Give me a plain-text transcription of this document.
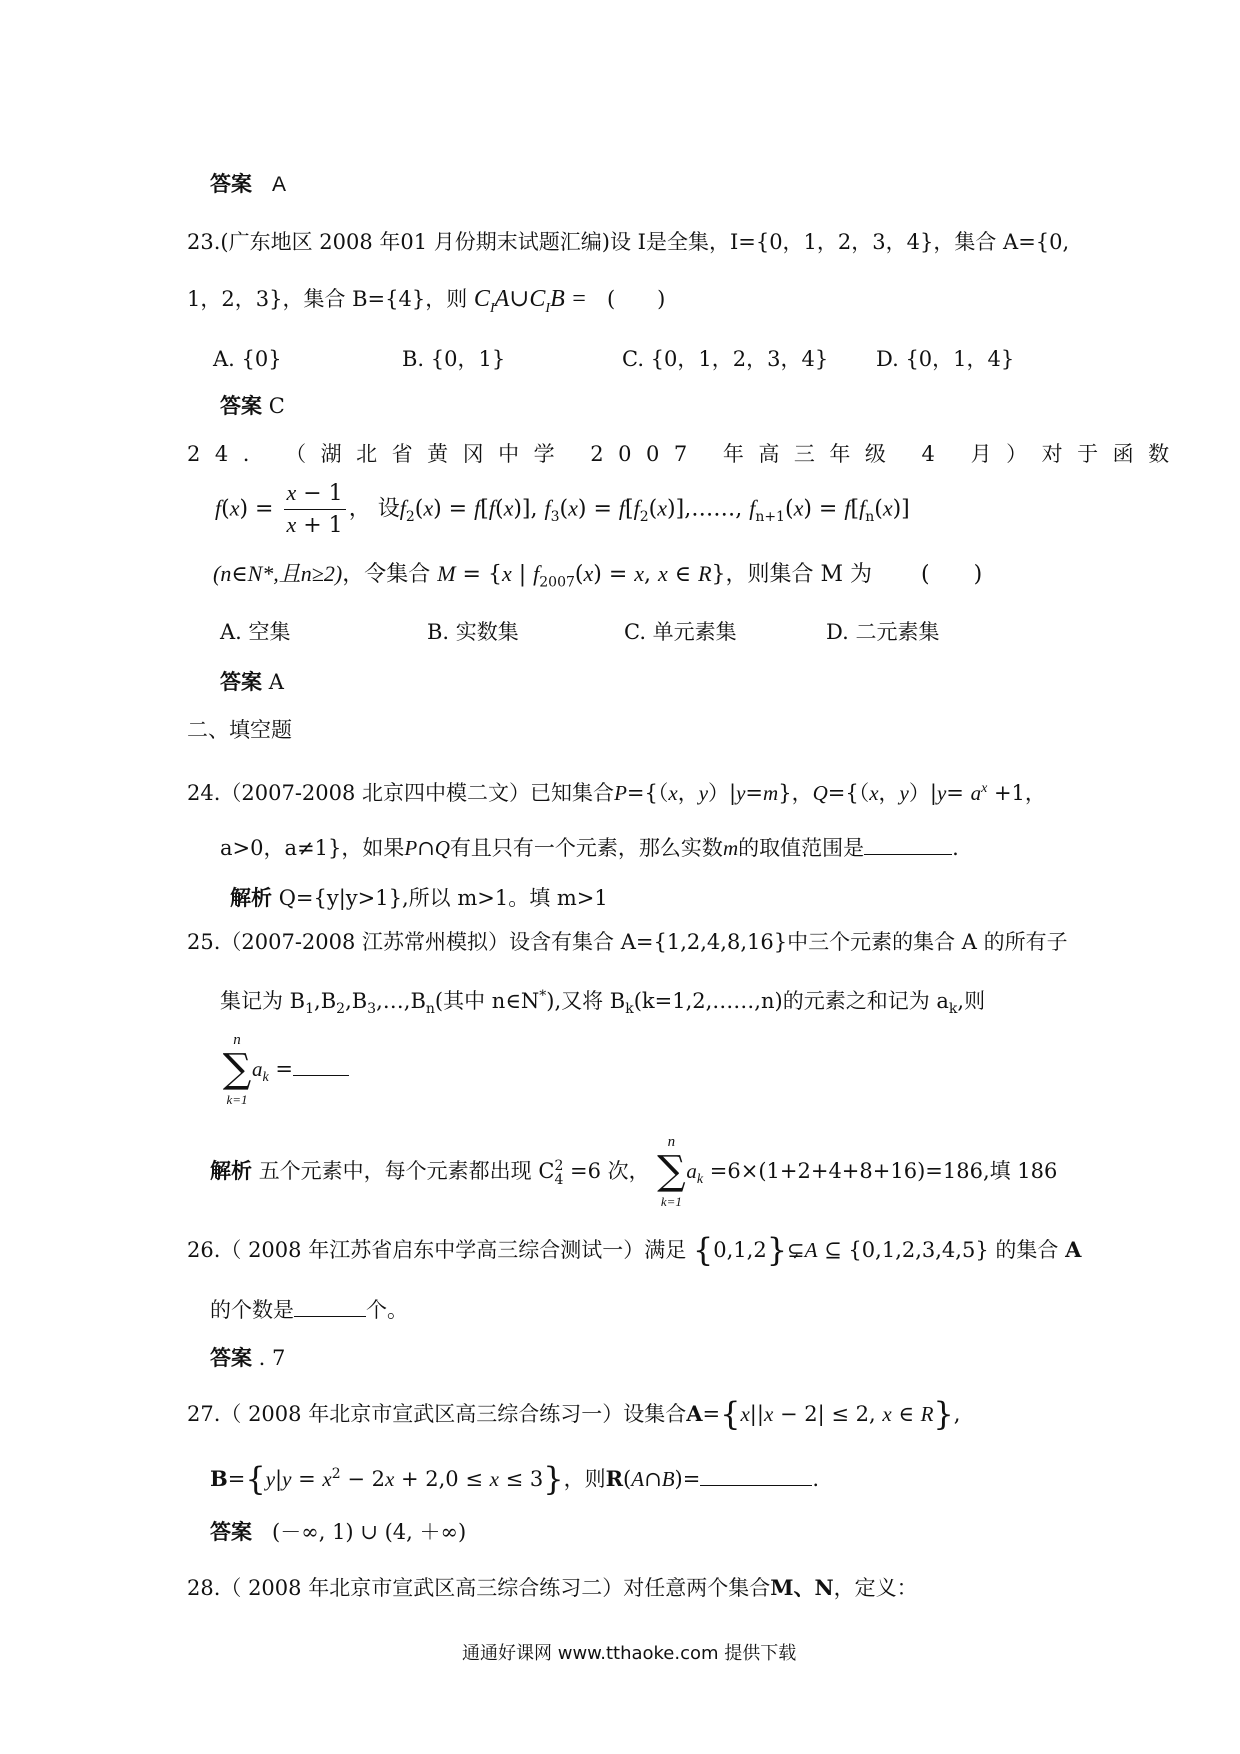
答案 A
23.(广东地区 2008 年01 月份期末试题汇编)设 I是全集，I={0，1，2，3，4}，集合 A={0,
1，2，3}，集合 B={4}，则 $C_IA\cup C_IB$ = (　　)
A. {0}	B. {0，1}	C. {0，1，2，3，4} D. {0，1，4}
答案 C
24. （湖北省黄冈中学 2007 年高三年级 4 月）对于函数
$f(x) = \frac{x - 1}{x + 1}$ ， 设$f_2(x) = f[f(x)]$, $f_3(x)$ = $f[f_2(x)],\dots\dots$, $f_{n+1}(x) = f[f_n(x)]$
(n∈N*,且n≥2)，令集合 M = {x | $f_{2007}(x) = x$, x ∈ R}，则集合 M 为 (　　)
A. 空集	B. 实数集	C. 单元素集	D. 二元素集
答案 A
二、填空题
24.（2007-2008 北京四中模二文）已知集合P={（x，y）|y=m}，Q={（x，$y)|y= a^x +1$，
a>0，a≠1}，如果P∩Q有且只有一个元素，那么实数m的取值范围是	.
解析 Q={y|y>1},所以 m>1。填 m>1
25.（2007-2008 江苏常州模拟）设含有集合 A={1,2,4,8,16}中三个元素的集合 A 的所有子
集记为 $B_1,B_2,B_3,\dots,B_n$(其中 n∈N*),又将 $B_k(k=1,2,\dots\dots,n)$的元素之和记为 $a_k$,则
n
∑
k=1
$a_k$ =
解析 五个元素中，每个元素都出现 C2
4 =6 次，
n
∑
k=1
$a_k =6\times(1+2+4+8+16)=186$,填 186
26.（ 2008 年江苏省启东中学高三综合测试一）满足 {0,1,2}⊊A ⊆ {0,1,2,3,4,5} 的集合 A
的个数是	个。
答案 . 7
27.（ 2008 年北京市宣武区高三综合练习一）设集合A={x||x − 2| ≤ 2, x ∈ R},
$B=\{y|y = x^2 - 2x + 2,0 \le x \le 3\}$，则R(A∩B)=	.
答案 (－∞, 1) ∪ (4, ＋∞)
28.（ 2008 年北京市宣武区高三综合练习二）对任意两个集合M、N，定义：
通通好课网 www.tthaoke.com 提供下载
